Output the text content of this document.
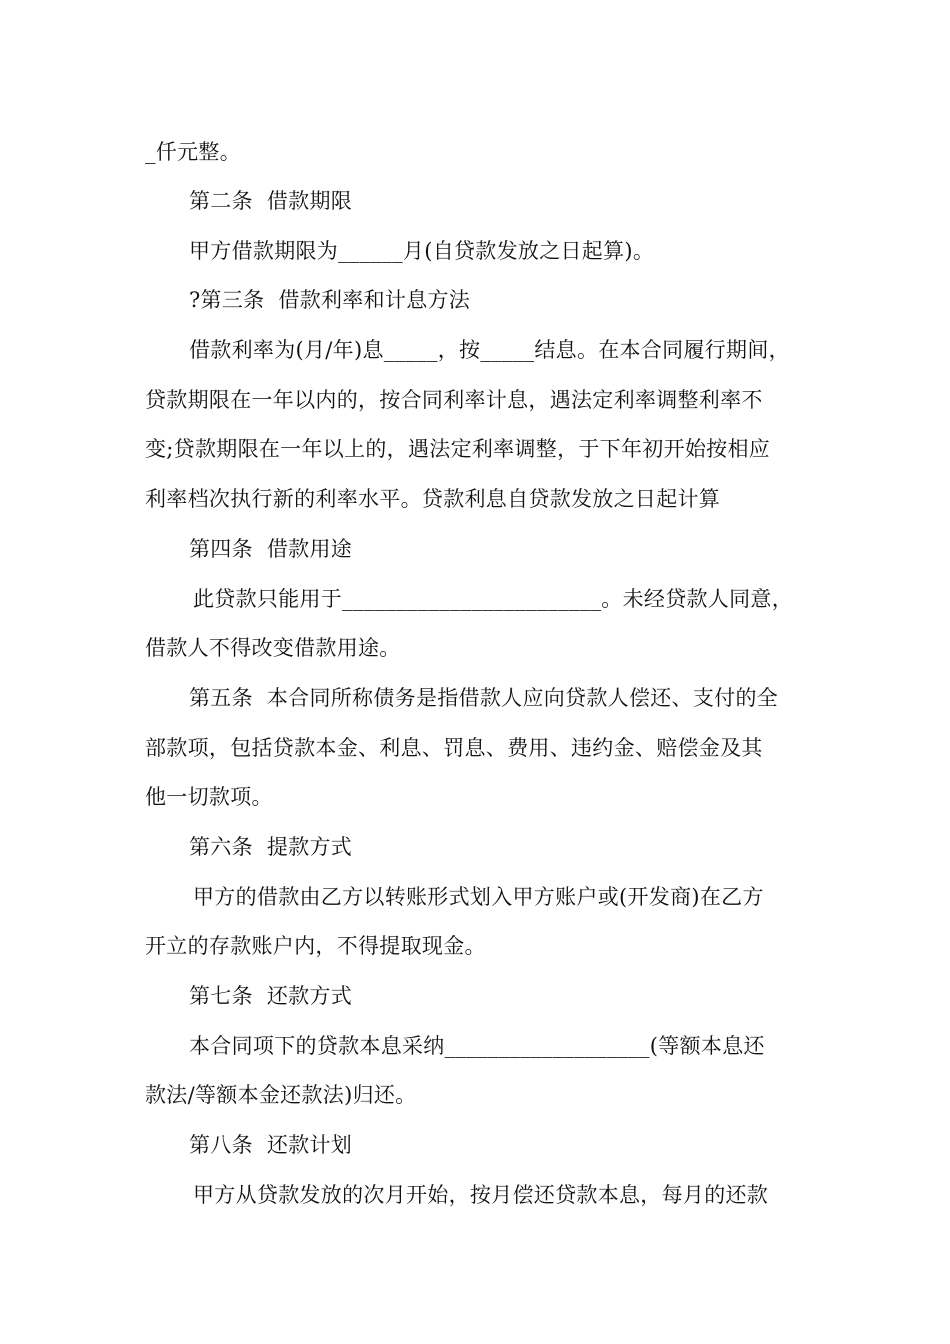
_仟元整。
第二条  借款期限
甲方借款期限为______月(自贷款发放之日起算)。
?第三条  借款利率和计息方法
借款利率为(月/年)息_____，按_____结息。在本合同履行期间，
贷款期限在一年以内的，按合同利率计息，遇法定利率调整利率不
变;贷款期限在一年以上的，遇法定利率调整，于下年初开始按相应
利率档次执行新的利率水平。贷款利息自贷款发放之日起计算
第四条  借款用途
此贷款只能用于________________________。未经贷款人同意，
借款人不得改变借款用途。
第五条  本合同所称债务是指借款人应向贷款人偿还、支付的全
部款项，包括贷款本金、利息、罚息、费用、违约金、赔偿金及其
他一切款项。
第六条  提款方式
甲方的借款由乙方以转账形式划入甲方账户或(开发商)在乙方
开立的存款账户内，不得提取现金。
第七条  还款方式
本合同项下的贷款本息采纳___________________(等额本息还
款法/等额本金还款法)归还。
第八条  还款计划
甲方从贷款发放的次月开始，按月偿还贷款本息，每月的还款
